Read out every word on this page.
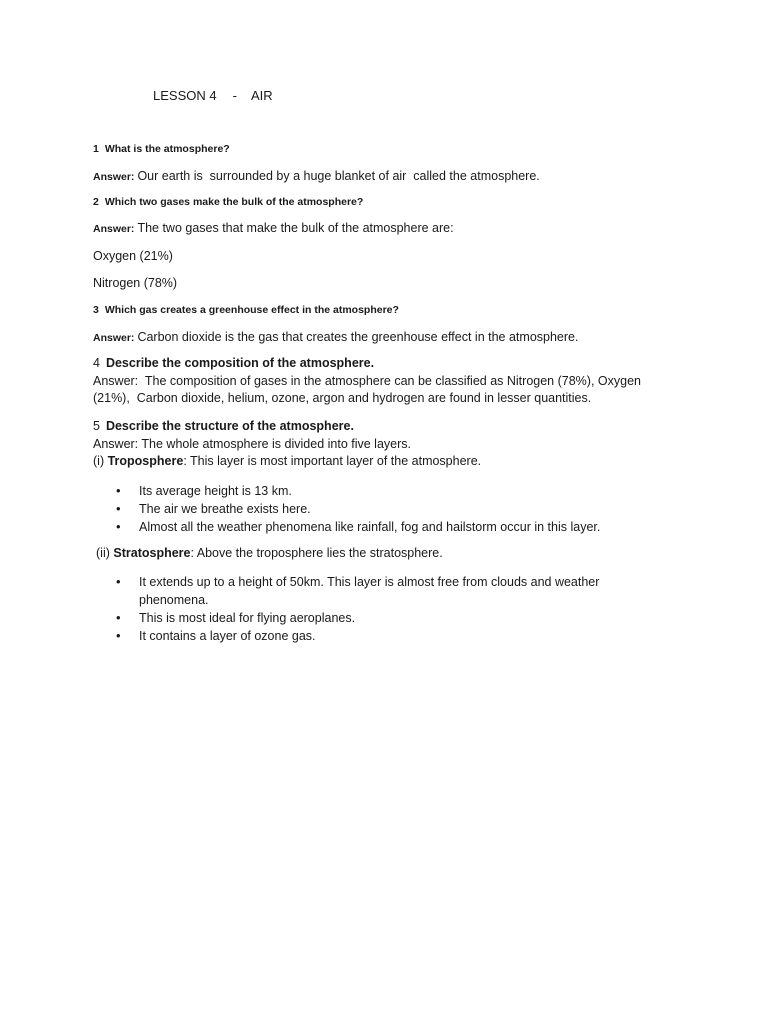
LESSON 4 - AIR
1 What is the atmosphere?
Answer: Our earth is  surrounded by a huge blanket of air  called the atmosphere.
2 Which two gases make the bulk of the atmosphere?
Answer: The two gases that make the bulk of the atmosphere are:
Oxygen (21%)
Nitrogen (78%)
3 Which gas creates a greenhouse effect in the atmosphere?
Answer: Carbon dioxide is the gas that creates the greenhouse effect in the atmosphere.
4 Describe the composition of the atmosphere.
Answer:  The composition of gases in the atmosphere can be classified as Nitrogen (78%), Oxygen
(21%),  Carbon dioxide, helium, ozone, argon and hydrogen are found in lesser quantities.
5 Describe the structure of the atmosphere.
Answer: The whole atmosphere is divided into five layers.
(i) Troposphere: This layer is most important layer of the atmosphere.
• Its average height is 13 km.
• The air we breathe exists here.
• Almost all the weather phenomena like rainfall, fog and hailstorm occur in this layer.
(ii) Stratosphere: Above the troposphere lies the stratosphere.
• It extends up to a height of 50km. This layer is almost free from clouds and weather phenomena.
• This is most ideal for flying aeroplanes.
• It contains a layer of ozone gas.
